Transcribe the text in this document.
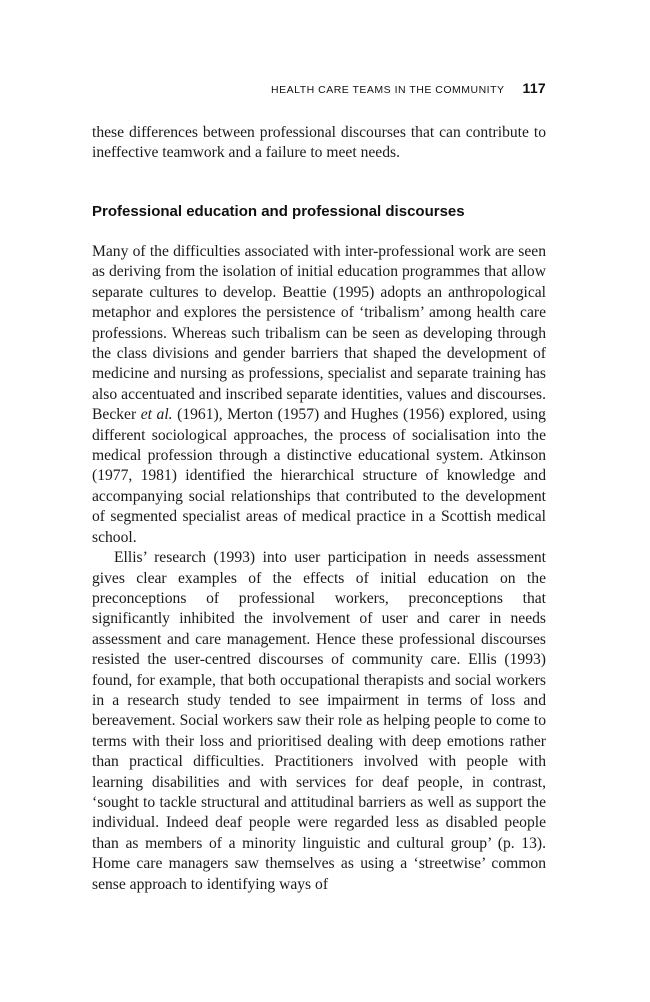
HEALTH CARE TEAMS IN THE COMMUNITY 117

these differences between professional discourses that can contribute to ineffective teamwork and a failure to meet needs.

Professional education and professional discourses

Many of the difficulties associated with inter-professional work are seen as deriving from the isolation of initial education programmes that allow separate cultures to develop. Beattie (1995) adopts an anthropological metaphor and explores the persistence of ‘tribalism’ among health care professions. Whereas such tribalism can be seen as developing through the class divisions and gender barriers that shaped the development of medicine and nursing as professions, specialist and separate training has also accentuated and inscribed separate identities, values and discourses. Becker et al. (1961), Merton (1957) and Hughes (1956) explored, using different sociological approaches, the process of socialisation into the medical profession through a distinctive educational system. Atkinson (1977, 1981) identified the hierarchical structure of knowledge and accompanying social relationships that contributed to the development of segmented specialist areas of medical practice in a Scottish medical school.

Ellis’ research (1993) into user participation in needs assessment gives clear examples of the effects of initial education on the preconceptions of professional workers, preconceptions that significantly inhibited the involvement of user and carer in needs assessment and care management. Hence these professional discourses resisted the user-centred discourses of community care. Ellis (1993) found, for example, that both occupational therapists and social workers in a research study tended to see impairment in terms of loss and bereavement. Social workers saw their role as helping people to come to terms with their loss and prioritised dealing with deep emotions rather than practical difficulties. Practitioners involved with people with learning disabilities and with services for deaf people, in contrast, ‘sought to tackle structural and attitudinal barriers as well as support the individual. Indeed deaf people were regarded less as disabled people than as members of a minority linguistic and cultural group’ (p. 13). Home care managers saw themselves as using a ‘streetwise’ common sense approach to identifying ways of
